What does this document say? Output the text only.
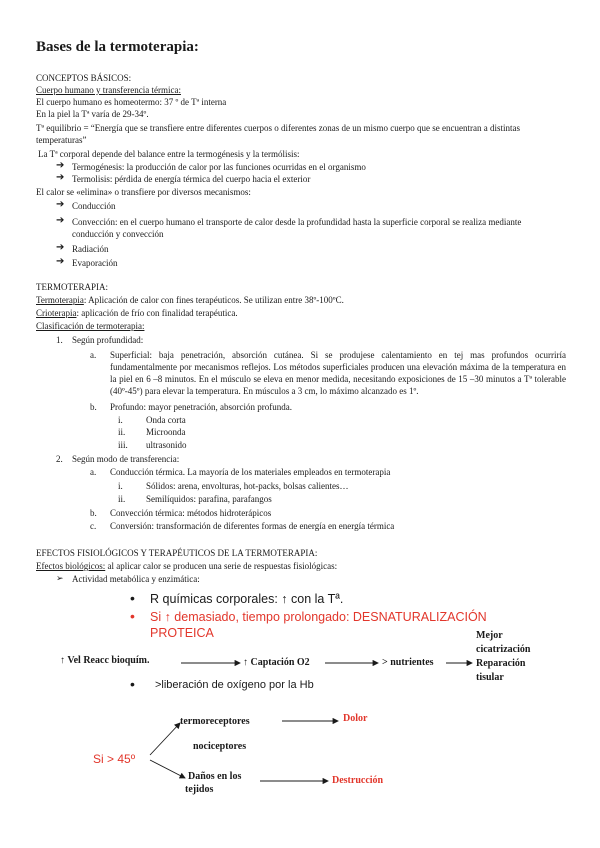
Bases de la termoterapia:
CONCEPTOS BÁSICOS:
Cuerpo humano y transferencia térmica:
El cuerpo humano es homeotermo: 37 º de Tª interna
En la piel la Tª varía de 29-34º.
Tª equilibrio = “Energía que se transfiere entre diferentes cuerpos o diferentes zonas de un mismo cuerpo que se encuentran a distintas
temperaturas”
La Tª corporal depende del balance entre la termogénesis y la termólisis:
➔ Termogénesis: la producción de calor por las funciones ocurridas en el organismo
➔ Termolisis: pérdida de energía térmica del cuerpo hacia el exterior
El calor se «elimina» o transfiere por diversos mecanismos:
➔ Conducción
➔ Convección: en el cuerpo humano el transporte de calor desde la profundidad hasta la superficie corporal se realiza mediante
conducción y convección
➔ Radiación
➔ Evaporación
TERMOTERAPIA:
Termoterapia: Aplicación de calor con fines terapéuticos. Se utilizan entre 38º-100ºC.
Crioterapia: aplicación de frío con finalidad terapéutica.
Clasificación de termoterapia:
1. Según profundidad:
a. Superficial: baja penetración, absorción cutánea. Si se produjese calentamiento en tej mas profundos ocurriría fundamentalmente por mecanismos reflejos. Los métodos superficiales producen una elevación máxima de la temperatura en la piel en 6 –8 minutos. En el músculo se eleva en menor medida, necesitando exposiciones de 15 –30 minutos a Tª tolerable (40º-45º) para elevar la temperatura. En músculos a 3 cm, lo máximo alcanzado es 1º.
b. Profundo: mayor penetración, absorción profunda.
i.	Onda corta
ii. Microonda
iii. ultrasonido
2. Según modo de transferencia:
a. Conducción térmica. La mayoría de los materiales empleados en termoterapia
i.	Sólidos: arena, envolturas, hot-packs, bolsas calientes…
ii. Semilíquidos: parafina, parafangos
b. Convección térmica: métodos hidroterápicos
c. Conversión: transformación de diferentes formas de energía en energía térmica
EFECTOS FISIOLÓGICOS Y TERAPÉUTICOS DE LA TERMOTERAPIA:
Efectos biológicos: al aplicar calor se producen una serie de respuestas fisiológicas:
➢ Actividad metabólica y enzimática:
• R químicas corporales: ↑ con la Tª.
• Si ↑ demasiado, tiempo prolongado: DESNATURALIZACIÓN
PROTEICA
↑ Vel Reacc bioquím.	↑ Captación O2	> nutrientes
Mejor
cicatrización
Reparación
tisular
• >liberación de oxígeno por la Hb
termoreceptores	Dolor
nociceptores
Si > 45º
Daños en los
tejidos
Destrucción
